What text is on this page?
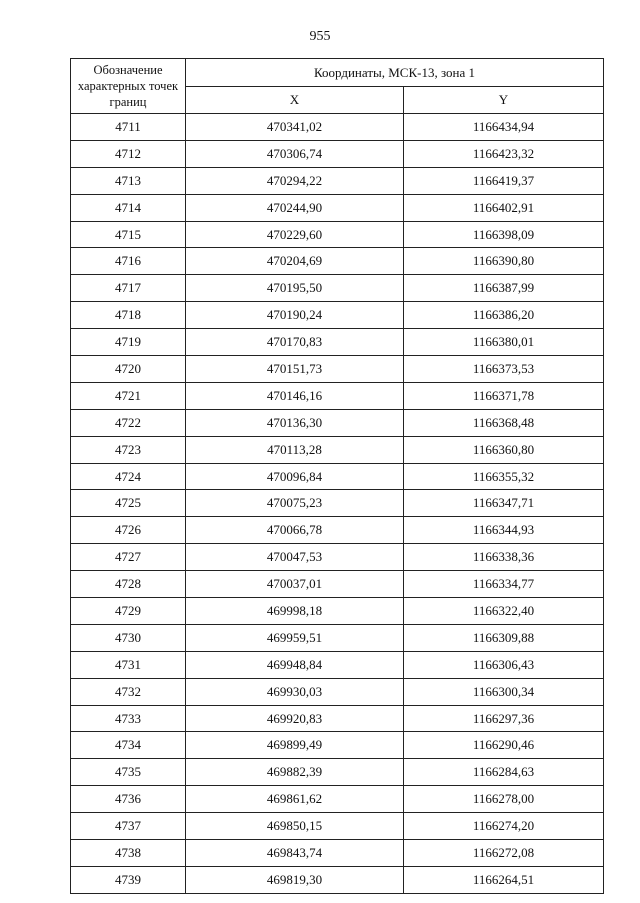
955
Обозначение характерных точек границ	Координаты, МСК-13, зона 1	
	X	Y
4711	470341,02	1166434,94
4712	470306,74	1166423,32
4713	470294,22	1166419,37
4714	470244,90	1166402,91
4715	470229,60	1166398,09
4716	470204,69	1166390,80
4717	470195,50	1166387,99
4718	470190,24	1166386,20
4719	470170,83	1166380,01
4720	470151,73	1166373,53
4721	470146,16	1166371,78
4722	470136,30	1166368,48
4723	470113,28	1166360,80
4724	470096,84	1166355,32
4725	470075,23	1166347,71
4726	470066,78	1166344,93
4727	470047,53	1166338,36
4728	470037,01	1166334,77
4729	469998,18	1166322,40
4730	469959,51	1166309,88
4731	469948,84	1166306,43
4732	469930,03	1166300,34
4733	469920,83	1166297,36
4734	469899,49	1166290,46
4735	469882,39	1166284,63
4736	469861,62	1166278,00
4737	469850,15	1166274,20
4738	469843,74	1166272,08
4739	469819,30	1166264,51
